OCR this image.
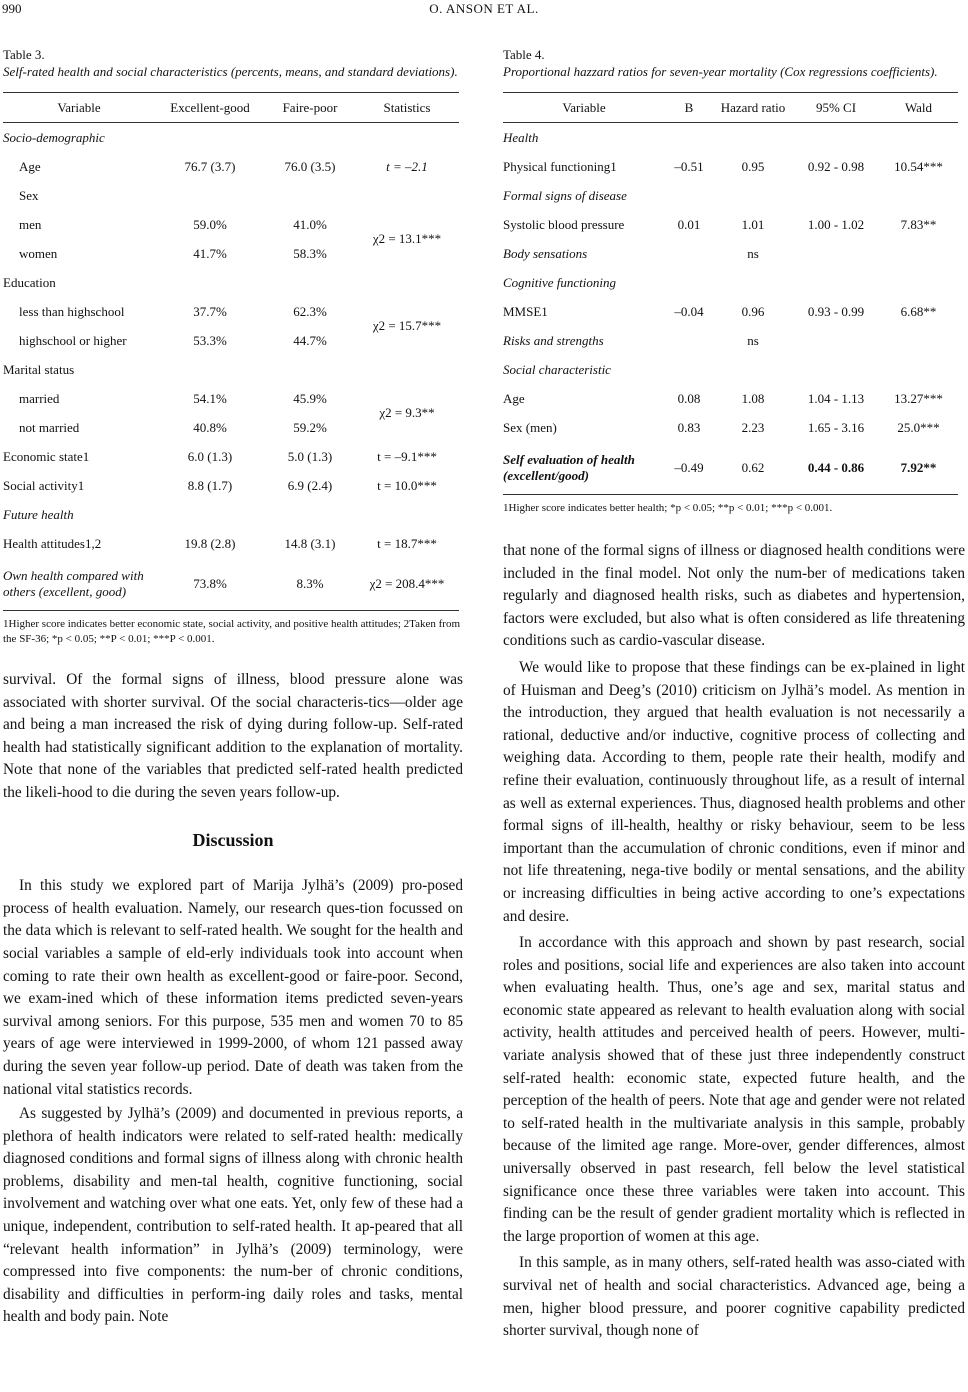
990	O. ANSON ET AL.
Table 3.
Self-rated health and social characteristics (percents, means, and standard deviations).
Variable	Excellent-good	Faire-poor	Statistics
Socio-demographic			
Age	76.7 (3.7)	76.0 (3.5)	t = –2.1
Sex			
men	59.0%	41.0%	χ2 = 13.1***
women	41.7%	58.3%	
Education			
less than highschool	37.7%	62.3%	χ2 = 15.7***
highschool or higher	53.3%	44.7%	
Marital status			
married	54.1%	45.9%	χ2 = 9.3**
not married	40.8%	59.2%	
Economic state1	6.0 (1.3)	5.0 (1.3)	t = –9.1***
Social activity1	8.8 (1.7)	6.9 (2.4)	t = 10.0***
Future health			
Health attitudes1,2	19.8 (2.8)	14.8 (3.1)	t = 18.7***
Own health compared with others (excellent, good)	73.8%	8.3%	χ2 = 208.4***
1Higher score indicates better economic state, social activity, and positive health attitudes; 2Taken from the SF-36; *p < 0.05; **P < 0.01; ***P < 0.001.

survival. Of the formal signs of illness, blood pressure alone was associated with shorter survival. Of the social characteris-tics—older age and being a man increased the risk of dying during follow-up. Self-rated health had statistically significant addition to the explanation of mortality. Note that none of the variables that predicted self-rated health predicted the likeli-hood to die during the seven years follow-up.

Discussion

In this study we explored part of Marija Jylhä’s (2009) pro-posed process of health evaluation. Namely, our research ques-tion focussed on the data which is relevant to self-rated health. We sought for the health and social variables a sample of eld-erly individuals took into account when coming to rate their own health as excellent-good or faire-poor. Second, we exam-ined which of these information items predicted seven-years survival among seniors. For this purpose, 535 men and women 70 to 85 years of age were interviewed in 1999-2000, of whom 121 passed away during the seven year follow-up period. Date of death was taken from the national vital statistics records.

As suggested by Jylhä’s (2009) and documented in previous reports, a plethora of health indicators were related to self-rated health: medically diagnosed conditions and formal signs of illness along with chronic health problems, disability and men-tal health, cognitive functioning, social involvement and watching over what one eats. Yet, only few of these had a unique, independent, contribution to self-rated health. It ap-peared that all “relevant health information” in Jylhä’s (2009) terminology, were compressed into five components: the num-ber of chronic conditions, disability and difficulties in perform-ing daily roles and tasks, mental health and body pain. Note

Table 4.
Proportional hazzard ratios for seven-year mortality (Cox regressions coefficients).
Variable	B	Hazard ratio	95% CI	Wald
Health				
Physical functioning1	–0.51	0.95	0.92 - 0.98	10.54***
Formal signs of disease				
Systolic blood pressure	0.01	1.01	1.00 - 1.02	7.83**
Body sensations		ns		
Cognitive functioning				
MMSE1	–0.04	0.96	0.93 - 0.99	6.68**
Risks and strengths		ns		
Social characteristic				
Age	0.08	1.08	1.04 - 1.13	13.27***
Sex (men)	0.83	2.23	1.65 - 3.16	25.0***
Self evaluation of health (excellent/good)	–0.49	0.62	0.44 - 0.86	7.92**
1Higher score indicates better health; *p < 0.05; **p < 0.01; ***p < 0.001.

that none of the formal signs of illness or diagnosed health conditions were included in the final model. Not only the num-ber of medications taken regularly and diagnosed health risks, such as diabetes and hypertension, factors were excluded, but also what is often considered as life threatening conditions such as cardio-vascular disease.

We would like to propose that these findings can be ex-plained in light of Huisman and Deeg’s (2010) criticism on Jylhä’s model. As mention in the introduction, they argued that health evaluation is not necessarily a rational, deductive and/or inductive, cognitive process of collecting and weighing data. According to them, people rate their health, modify and refine their evaluation, continuously throughout life, as a result of internal as well as external experiences. Thus, diagnosed health problems and other formal signs of ill-health, healthy or risky behaviour, seem to be less important than the accumulation of chronic conditions, even if minor and not life threatening, nega-tive bodily or mental sensations, and the ability or increasing difficulties in being active according to one’s expectations and desire.

In accordance with this approach and shown by past research, social roles and positions, social life and experiences are also taken into account when evaluating health. Thus, one’s age and sex, marital status and economic state appeared as relevant to health evaluation along with social activity, health attitudes and perceived health of peers. However, multi-variate analysis showed that of these just three independently construct self-rated health: economic state, expected future health, and the perception of the health of peers. Note that age and gender were not related to self-rated health in the multivariate analysis in this sample, probably because of the limited age range. More-over, gender differences, almost universally observed in past research, fell below the level statistical significance once these three variables were taken into account. This finding can be the result of gender gradient mortality which is reflected in the large proportion of women at this age.

In this sample, as in many others, self-rated health was asso-ciated with survival net of health and social characteristics. Advanced age, being a men, higher blood pressure, and poorer cognitive capability predicted shorter survival, though none of
